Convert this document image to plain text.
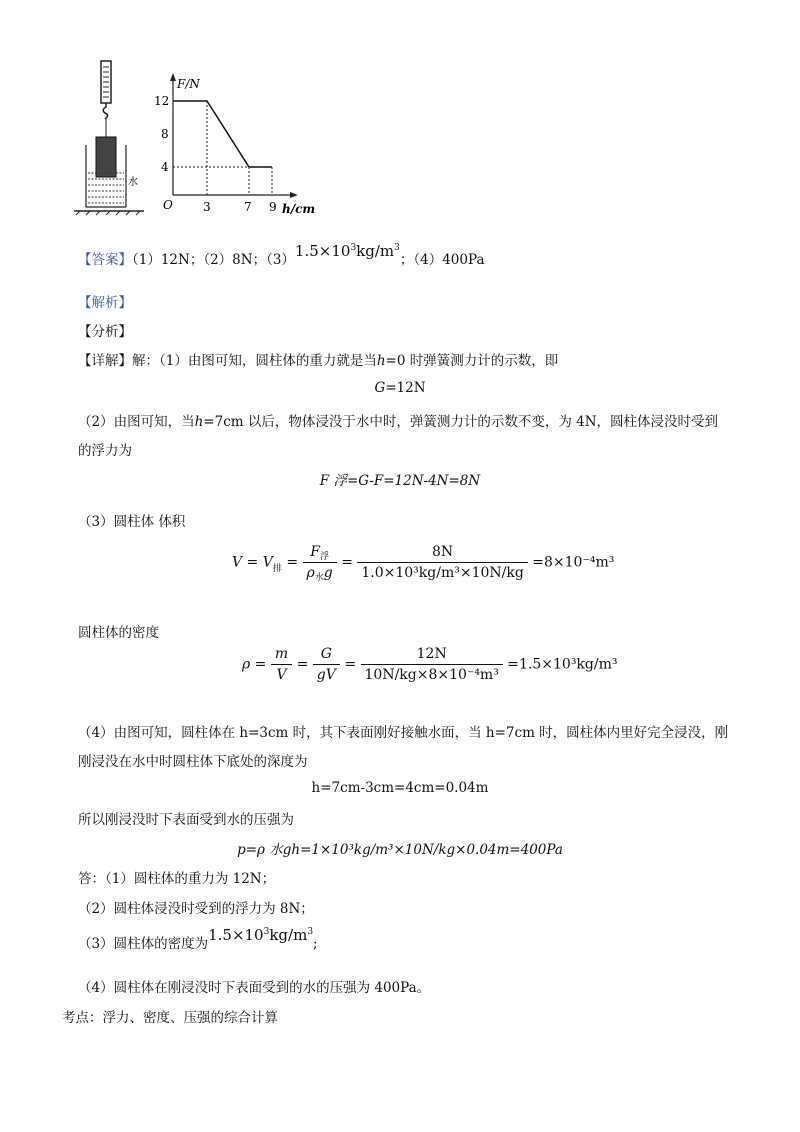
水
F/N
h/cm
O
12
8
4
3	7 9
【答案】（1）12N；（2）8N；$(3)1.5\times 10^3kg/m^3$；（4）400Pa
【解析】
【分析】
【详解】解：（1）由图可知，圆柱体的重力就是当h=0 时弹簧测力计的示数，即
G=12N
（2）由图可知，当h=7cm 以后，物体浸没于水中时，弹簧测力计的示数不变，为 4N，圆柱体浸没时受到
的浮力为
F 浮=G-F=12N-4N=8N
（3）圆柱体 体积
$V = V_排 = \frac{F_浮}{\rho_水g} = \frac{8N}{\text{1.0×10³kg/m³×10N/kg}} =8\times 10^{-4}m^3$
圆柱体的密度
$\rho = \frac{m}{V} = \frac{G}{gV} = \frac{12N}{\text{10N/kg×8×10⁻⁴m³}} =1.5\times 10^3kg/m^3$
（4）由图可知，圆柱体在 h=3cm 时，其下表面刚好接触水面，当 h=7cm 时，圆柱体内里好完全浸没，刚
刚浸没在水中时圆柱体下底处的深度为
h=7cm-3cm=4cm=0.04m
所以刚浸没时下表面受到水的压强为
p=ρ 水gh=1×10³kg/m³×10N/kg×0.04m=400Pa
答：（1）圆柱体的重力为 12N；
（2）圆柱体浸没时受到的浮力为 8N；
（3）圆柱体的密度为$1.5\times 10^3kg/m^3$;
（4）圆柱体在刚浸没时下表面受到的水的压强为 400Pa。
考点：浮力、密度、压强的综合计算
